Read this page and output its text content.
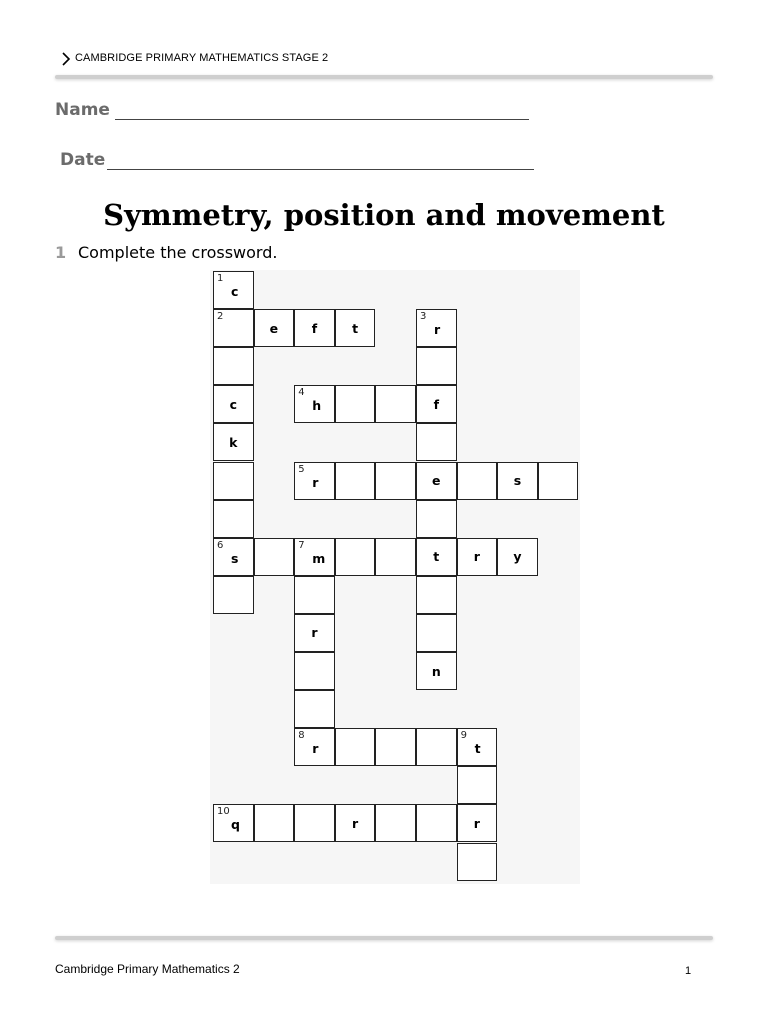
CAMBRIDGE PRIMARY MATHEMATICS STAGE 2
Name
Date
Symmetry, position and movement
1 Complete the crossword.
1
c
2
e	f	t
3
r
c
4
h	f
k
5
r	e	s
6
s
7
m	t	r	y
r
n
8
r
9
t
10
q	r	r
Cambridge Primary Mathematics 2	1
